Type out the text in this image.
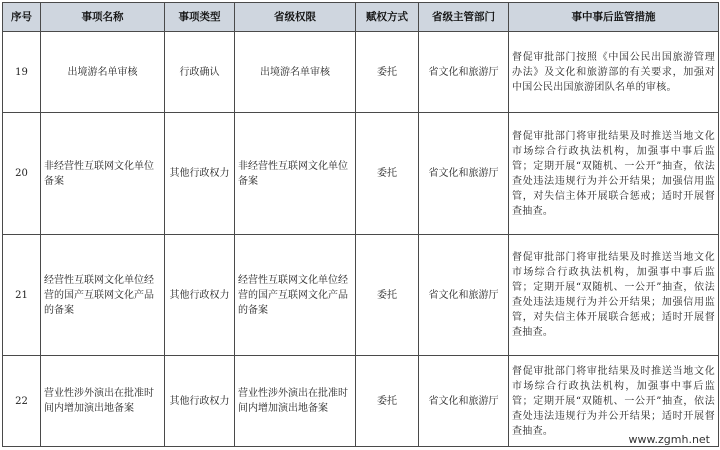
序号	事项名称	事项类型	省级权限	赋权方式	省级主管部门	事中事后监管措施
19	出境游名单审核	行政确认	出境游名单审核	委托	省文化和旅游厅	督促审批部门按照《中国公民出国旅游管理办法》及文化和旅游部的有关要求，加强对中国公民出国旅游团队名单的审核。
20	非经营性互联网文化单位备案	其他行政权力	非经营性互联网文化单位备案	委托	省文化和旅游厅	督促审批部门将审批结果及时推送当地文化市场综合行政执法机构，加强事中事后监管；定期开展“双随机、一公开”抽查，依法查处违法违规行为并公开结果；加强信用监管，对失信主体开展联合惩戒；适时开展督查抽查。
21	经营性互联网文化单位经营的国产互联网文化产品的备案	其他行政权力	经营性互联网文化单位经营的国产互联网文化产品的备案	委托	省文化和旅游厅	督促审批部门将审批结果及时推送当地文化市场综合行政执法机构，加强事中事后监管；定期开展“双随机、一公开”抽查，依法查处违法违规行为并公开结果；加强信用监管，对失信主体开展联合惩戒；适时开展督查抽查。
22	营业性涉外演出在批准时间内增加演出地备案	其他行政权力	营业性涉外演出在批准时间内增加演出地备案	委托	省文化和旅游厅	督促审批部门将审批结果及时推送当地文化市场综合行政执法机构，加强事中事后监管；定期开展“双随机、一公开”抽查，依法查处违法违规行为并公开结果；适时开展督查抽查。
www.zgmh.net
